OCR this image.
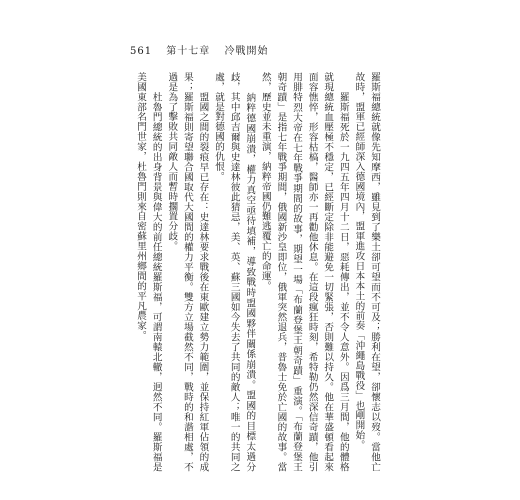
561 第十七章 冷戰開始

羅斯福總統就像先知摩西，雖見到了樂土卻可望而不可及；勝利在望，卻懷志以歿。當他亡故時，盟軍已經師深入德國境內，盟軍進攻日本本土的前奏「沖繩島戰役」也剛開始。

羅斯福死於一九四五年四月十二日，惡耗傳出，並不令人意外。因爲三月間，他的體格就現總統血壓極不穩定，已經斷定除非能避免一切緊張，否則難以持久。他在華盛頓看起來面容憔悴，形容枯槁，醫師亦一再勸他休息。在這段瘋狂時刻，希特勒仍然深信奇蹟，他引用腓特烈大帝在七年戰爭期間的故事，期望一場「布蘭登堡王朝奇蹟」重演。「布蘭登堡王朝奇蹟」是指七年戰爭期間，俄國新沙皇即位，俄軍突然退兵，普魯士免於亡國的故事。當然，歷史並未重演，納粹帝國仍難逃覆亡的命運。

納粹德國崩潰，權力真空亟待填補，導致戰時盟國夥伴關係崩潰。盟國的目標太過分歧，其中邱吉爾與史達林彼此猜忌，美、英、蘇三國如今失去了共同的敵人；唯一的共同之處，就是對德國的仇恨。

盟國之間的裂痕早已存在：史達林要求戰後在東歐建立勢力範圍，並保持紅軍佔領的成果；羅斯福則寄望聯合國取代大國間的權力平衡。雙方立場截然不同，戰時的和諧相處，不過是為了擊敗共同敵人而暫時擱置分歧。

杜魯門總統的出身背景與偉大的前任總統羅斯福，可謂南轅北轍，迥然不同。羅斯福是美國東部名門世家，杜魯門則來自密蘇里州鄉間的平凡農家。
